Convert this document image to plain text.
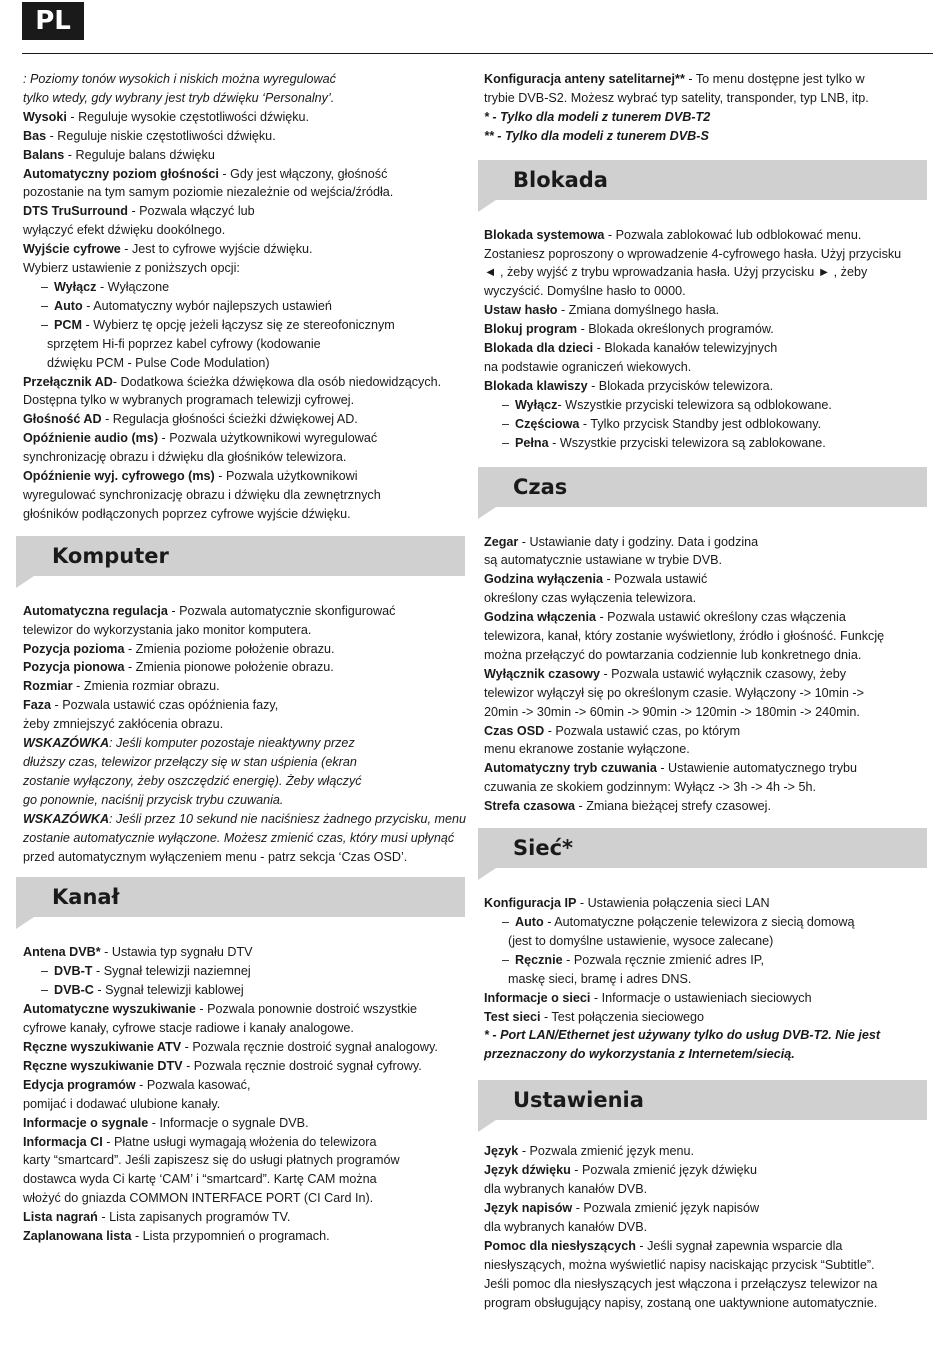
PL
: Poziomy tonów wysokich i niskich można wyregulować
tylko wtedy, gdy wybrany jest tryb dźwięku ‘Personalny’.
Wysoki - Reguluje wysokie częstotliwości dźwięku.
Bas - Reguluje niskie częstotliwości dźwięku.
Balans - Reguluje balans dźwięku
Automatyczny poziom głośności - Gdy jest włączony, głośność
pozostanie na tym samym poziomie niezależnie od wejścia/źródła.
DTS TruSurround - Pozwala włączyć lub
wyłączyć efekt dźwięku dookólnego.
Wyjście cyfrowe - Jest to cyfrowe wyjście dźwięku.
Wybierz ustawienie z poniższych opcji:
– Wyłącz - Wyłączone
– Auto - Automatyczny wybór najlepszych ustawień
– PCM - Wybierz tę opcję jeżeli łączysz się ze stereofonicznym
sprzętem Hi-fi poprzez kabel cyfrowy (kodowanie
dźwięku PCM - Pulse Code Modulation)
Przełącznik AD- Dodatkowa ścieżka dźwiękowa dla osób niedowidzących.
Dostępna tylko w wybranych programach telewizji cyfrowej.
Głośność AD - Regulacja głośności ścieżki dźwiękowej AD.
Opóźnienie audio (ms) - Pozwala użytkownikowi wyregulować
synchronizację obrazu i dźwięku dla głośników telewizora.
Opóźnienie wyj. cyfrowego (ms) - Pozwala użytkownikowi
wyregulować synchronizację obrazu i dźwięku dla zewnętrznych
głośników podłączonych poprzez cyfrowe wyjście dźwięku.
Komputer
Automatyczna regulacja - Pozwala automatycznie skonfigurować
telewizor do wykorzystania jako monitor komputera.
Pozycja pozioma - Zmienia poziome położenie obrazu.
Pozycja pionowa - Zmienia pionowe położenie obrazu.
Rozmiar - Zmienia rozmiar obrazu.
Faza - Pozwala ustawić czas opóźnienia fazy,
żeby zmniejszyć zakłócenia obrazu.
WSKAZÓWKA: Jeśli komputer pozostaje nieaktywny przez
dłuższy czas, telewizor przełączy się w stan uśpienia (ekran
zostanie wyłączony, żeby oszczędzić energię). Żeby włączyć
go ponownie, naciśnij przycisk trybu czuwania.
WSKAZÓWKA: Jeśli przez 10 sekund nie naciśniesz żadnego przycisku, menu
zostanie automatycznie wyłączone. Możesz zmienić czas, który musi upłynąć
przed automatycznym wyłączeniem menu - patrz sekcja ‘Czas OSD’.
Kanał
Antena DVB* - Ustawia typ sygnału DTV
– DVB-T - Sygnał telewizji naziemnej
– DVB-C - Sygnał telewizji kablowej
Automatyczne wyszukiwanie - Pozwala ponownie dostroić wszystkie
cyfrowe kanały, cyfrowe stacje radiowe i kanały analogowe.
Ręczne wyszukiwanie ATV - Pozwala ręcznie dostroić sygnał analogowy.
Ręczne wyszukiwanie DTV - Pozwala ręcznie dostroić sygnał cyfrowy.
Edycja programów - Pozwala kasować,
pomijać i dodawać ulubione kanały.
Informacje o sygnale - Informacje o sygnale DVB.
Informacja CI - Płatne usługi wymagają włożenia do telewizora
karty “smartcard”. Jeśli zapiszesz się do usługi płatnych programów
dostawca wyda Ci kartę ‘CAM’ i “smartcard”. Kartę CAM można
włożyć do gniazda COMMON INTERFACE PORT (CI Card In).
Lista nagrań - Lista zapisanych programów TV.
Zaplanowana lista - Lista przypomnień o programach.
Konfiguracja anteny satelitarnej** - To menu dostępne jest tylko w
trybie DVB-S2. Możesz wybrać typ satelity, transponder, typ LNB, itp.
* - Tylko dla modeli z tunerem DVB-T2
** - Tylko dla modeli z tunerem DVB-S
Blokada
Blokada systemowa - Pozwala zablokować lub odblokować menu.
Zostaniesz poproszony o wprowadzenie 4-cyfrowego hasła. Użyj przycisku
◄ , żeby wyjść z trybu wprowadzania hasła. Użyj przycisku ► , żeby
wyczyścić. Domyślne hasło to 0000.
Ustaw hasło - Zmiana domyślnego hasła.
Blokuj program - Blokada określonych programów.
Blokada dla dzieci - Blokada kanałów telewizyjnych
na podstawie ograniczeń wiekowych.
Blokada klawiszy - Blokada przycisków telewizora.
– Wyłącz- Wszystkie przyciski telewizora są odblokowane.
– Częściowa - Tylko przycisk Standby jest odblokowany.
– Pełna - Wszystkie przyciski telewizora są zablokowane.
Czas
Zegar - Ustawianie daty i godziny. Data i godzina
są automatycznie ustawiane w trybie DVB.
Godzina wyłączenia - Pozwala ustawić
określony czas wyłączenia telewizora.
Godzina włączenia - Pozwala ustawić określony czas włączenia
telewizora, kanał, który zostanie wyświetlony, źródło i głośność. Funkcję
można przełączyć do powtarzania codziennie lub konkretnego dnia.
Wyłącznik czasowy - Pozwala ustawić wyłącznik czasowy, żeby
telewizor wyłączył się po określonym czasie. Wyłączony -> 10min ->
20min -> 30min -> 60min -> 90min -> 120min -> 180min -> 240min.
Czas OSD - Pozwala ustawić czas, po którym
menu ekranowe zostanie wyłączone.
Automatyczny tryb czuwania - Ustawienie automatycznego trybu
czuwania ze skokiem godzinnym: Wyłącz -> 3h -> 4h -> 5h.
Strefa czasowa - Zmiana bieżącej strefy czasowej.
Sieć*
Konfiguracja IP - Ustawienia połączenia sieci LAN
– Auto - Automatyczne połączenie telewizora z siecią domową
(jest to domyślne ustawienie, wysoce zalecane)
– Ręcznie - Pozwala ręcznie zmienić adres IP,
maskę sieci, bramę i adres DNS.
Informacje o sieci - Informacje o ustawieniach sieciowych
Test sieci - Test połączenia sieciowego
* - Port LAN/Ethernet jest używany tylko do usług DVB-T2. Nie jest
przeznaczony do wykorzystania z Internetem/siecią.
Ustawienia
Język - Pozwala zmienić język menu.
Język dźwięku - Pozwala zmienić język dźwięku
dla wybranych kanałów DVB.
Język napisów - Pozwala zmienić język napisów
dla wybranych kanałów DVB.
Pomoc dla niesłyszących - Jeśli sygnał zapewnia wsparcie dla
niesłyszących, można wyświetlić napisy naciskając przycisk “Subtitle”.
Jeśli pomoc dla niesłyszących jest włączona i przełączysz telewizor na
program obsługujący napisy, zostaną one uaktywnione automatycznie.
